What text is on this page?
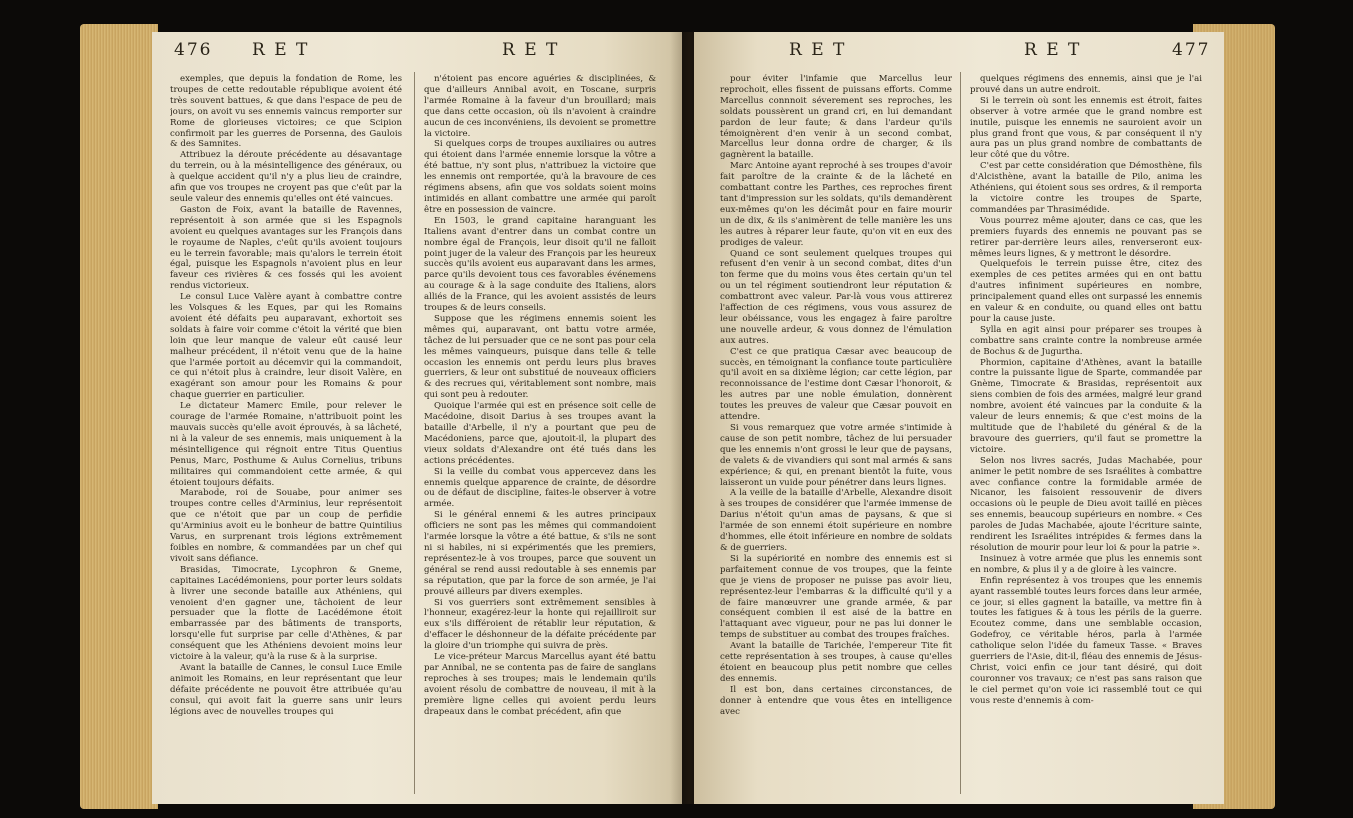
476 R E T	R E T

exemples, que depuis la fondation de Rome, les troupes de cette redoutable république avoient été très souvent battues, & que dans l'espace de peu de jours, on avoit vu ses ennemis vaincus remporter sur Rome de glorieuses victoires; ce que Scipion confirmoit par les guerres de Porsenna, des Gaulois & des Samnites.

Attribuez la déroute précédente au désavantage du terrein, ou à la mésintelligence des généraux, ou à quelque accident qu'il n'y a plus lieu de craindre, afin que vos troupes ne croyent pas que c'eût par la seule valeur des ennemis qu'elles ont été vaincues.

Gaston de Foix, avant la bataille de Ravennes, représentoit à son armée que si les Espagnols avoient eu quelques avantages sur les François dans le royaume de Naples, c'eût qu'ils avoient toujours eu le terrein favorable; mais qu'alors le terrein étoit égal, puisque les Espagnols n'avoient plus en leur faveur ces rivières & ces fossés qui les avoient rendus victorieux.

Le consul Luce Valère ayant à combattre contre les Volsques & les Eques, par qui les Romains avoient été défaits peu auparavant, exhortoit ses soldats à faire voir comme c'étoit la vérité que bien loin que leur manque de valeur eût causé leur malheur précédent, il n'étoit venu que de la haine que l'armée portoit au décemvir qui la commandoit, ce qui n'étoit plus à craindre, leur disoit Valère, en exagérant son amour pour les Romains & pour chaque guerrier en particulier.

Le dictateur Mamerc Emile, pour relever le courage de l'armée Romaine, n'attribuoit point les mauvais succès qu'elle avoit éprouvés, à sa lâcheté, ni à la valeur de ses ennemis, mais uniquement à la mésintelligence qui régnoit entre Titus Quentius Penus, Marc, Posthume & Aulus Cornelius, tribuns militaires qui commandoient cette armée, & qui étoient toujours défaits.

Marabode, roi de Souabe, pour animer ses troupes contre celles d'Arminius, leur représentoit que ce n'étoit que par un coup de perfidie qu'Arminius avoit eu le bonheur de battre Quintilius Varus, en surprenant trois légions extrêmement foibles en nombre, & commandées par un chef qui vivoit sans défiance.

Brasidas, Timocrate, Lycophron & Gneme, capitaines Lacédémoniens, pour porter leurs soldats à livrer une seconde bataille aux Athéniens, qui venoient d'en gagner une, tâchoient de leur persuader que la flotte de Lacédémone étoit embarrassée par des bâtiments de transports, lorsqu'elle fut surprise par celle d'Athènes, & par conséquent que les Athéniens devoient moins leur victoire à la valeur, qu'à la ruse & à la surprise.

Avant la bataille de Cannes, le consul Luce Emile animoit les Romains, en leur représentant que leur défaite précédente ne pouvoit être attribuée qu'au consul, qui avoit fait la guerre sans unir leurs légions avec de nouvelles troupes qui

n'étoient pas encore aguéries & disciplinées, & que d'ailleurs Annibal avoit, en Toscane, surpris l'armée Romaine à la faveur d'un brouillard; mais que dans cette occasion, où ils n'avoient à craindre aucun de ces inconvéniens, ils devoient se promettre la victoire.

Si quelques corps de troupes auxiliaires ou autres qui étoient dans l'armée ennemie lorsque la vôtre a été battue, n'y sont plus, n'attribuez la victoire que les ennemis ont remportée, qu'à la bravoure de ces régimens absens, afin que vos soldats soient moins intimidés en allant combattre une armée qui paroît être en possession de vaincre.

En 1503, le grand capitaine haranguant les Italiens avant d'entrer dans un combat contre un nombre égal de François, leur disoit qu'il ne falloit point juger de la valeur des François par les heureux succès qu'ils avoient eus auparavant dans les armes, parce qu'ils devoient tous ces favorables événemens au courage & à la sage conduite des Italiens, alors alliés de la France, qui les avoient assistés de leurs troupes & de leurs conseils.

Suppose que les régimens ennemis soient les mêmes qui, auparavant, ont battu votre armée, tâchez de lui persuader que ce ne sont pas pour cela les mêmes vainqueurs, puisque dans telle & telle occasion les ennemis ont perdu leurs plus braves guerriers, & leur ont substitué de nouveaux officiers & des recrues qui, véritablement sont nombre, mais qui sont peu à redouter.

Quoique l'armée qui est en présence soit celle de Macédoine, disoit Darius à ses troupes avant la bataille d'Arbelle, il n'y a pourtant que peu de Macédoniens, parce que, ajoutoit-il, la plupart des vieux soldats d'Alexandre ont été tués dans les actions précédentes.

Si la veille du combat vous appercevez dans les ennemis quelque apparence de crainte, de désordre ou de défaut de discipline, faites-le observer à votre armée.

Si le général ennemi & les autres principaux officiers ne sont pas les mêmes qui commandoient l'armée lorsque la vôtre a été battue, & s'ils ne sont ni si habiles, ni si expérimentés que les premiers, représentez-le à vos troupes, parce que souvent un général se rend aussi redoutable à ses ennemis par sa réputation, que par la force de son armée, je l'ai prouvé ailleurs par divers exemples.

Si vos guerriers sont extrêmement sensibles à l'honneur, exagérez-leur la honte qui rejailliroit sur eux s'ils différoient de rétablir leur réputation, & d'effacer le déshonneur de la défaite précédente par la gloire d'un triomphe qui suivra de près.

Le vice-préteur Marcus Marcellus ayant été battu par Annibal, ne se contenta pas de faire de sanglans reproches à ses troupes; mais le lendemain qu'ils avoient résolu de combattre de nouveau, il mit à la première ligne celles qui avoient perdu leurs drapeaux dans le combat précédent, afin que

R E T	R E T	477

pour éviter l'infamie que Marcellus leur reprochoit, elles fissent de puissans efforts. Comme Marcellus connnoit séverement ses reproches, les soldats poussèrent un grand cri, en lui demandant pardon de leur faute; & dans l'ardeur qu'ils témoignèrent d'en venir à un second combat, Marcellus leur donna ordre de charger, & ils gagnèrent la bataille.

Marc Antoine ayant reproché à ses troupes d'avoir fait paroître de la crainte & de la lâcheté en combattant contre les Parthes, ces reproches firent tant d'impression sur les soldats, qu'ils demandèrent eux-mêmes qu'on les décimât pour en faire mourir un de dix, & ils s'animèrent de telle manière les uns les autres à réparer leur faute, qu'on vit en eux des prodiges de valeur.

Quand ce sont seulement quelques troupes qui refusent d'en venir à un second combat, dites d'un ton ferme que du moins vous êtes certain qu'un tel ou un tel régiment soutiendront leur réputation & combattront avec valeur. Par-là vous vous attirerez l'affection de ces régimens, vous vous assurez de leur obéissance, vous les engagez à faire paroître une nouvelle ardeur, & vous donnez de l'émulation aux autres.

C'est ce que pratiqua Cæsar avec beaucoup de succès, en témoignant la confiance toute particulière qu'il avoit en sa dixième légion; car cette légion, par reconnoissance de l'estime dont Cæsar l'honoroit, & les autres par une noble émulation, donnèrent toutes les preuves de valeur que Cæsar pouvoit en attendre.

Si vous remarquez que votre armée s'intimide à cause de son petit nombre, tâchez de lui persuader que les ennemis n'ont grossi le leur que de paysans, de valets & de vivandiers qui sont mal armés & sans expérience; & qui, en prenant bientôt la fuite, vous laisseront un vuide pour pénétrer dans leurs lignes.

A la veille de la bataille d'Arbelle, Alexandre disoit à ses troupes de considérer que l'armée immense de Darius n'étoit qu'un amas de paysans, & que si l'armée de son ennemi étoit supérieure en nombre d'hommes, elle étoit inférieure en nombre de soldats & de guerriers.

Si la supériorité en nombre des ennemis est si parfaitement connue de vos troupes, que la feinte que je viens de proposer ne puisse pas avoir lieu, représentez-leur l'embarras & la difficulté qu'il y a de faire manœuvrer une grande armée, & par conséquent combien il est aisé de la battre en l'attaquant avec vigueur, pour ne pas lui donner le temps de substituer au combat des troupes fraîches.

Avant la bataille de Tarichée, l'empereur Tite fit cette représentation à ses troupes, à cause qu'elles étoient en beaucoup plus petit nombre que celles des ennemis.

Il est bon, dans certaines circonstances, de donner à entendre que vous êtes en intelligence avec

quelques régimens des ennemis, ainsi que je l'ai prouvé dans un autre endroit.

Si le terrein où sont les ennemis est étroit, faites observer à votre armée que le grand nombre est inutile, puisque les ennemis ne sauroient avoir un plus grand front que vous, & par conséquent il n'y aura pas un plus grand nombre de combattants de leur côté que du vôtre.

C'est par cette considération que Démosthène, fils d'Alcisthène, avant la bataille de Pilo, anima les Athéniens, qui étoient sous ses ordres, & il remporta la victoire contre les troupes de Sparte, commandées par Thrasimédide.

Vous pourrez même ajouter, dans ce cas, que les premiers fuyards des ennemis ne pouvant pas se retirer par-derrière leurs ailes, renverseront eux-mêmes leurs lignes, & y mettront le désordre.

Quelquefois le terrein puisse être, citez des exemples de ces petites armées qui en ont battu d'autres infiniment supérieures en nombre, principalement quand elles ont surpassé les ennemis en valeur & en conduite, ou quand elles ont battu pour la cause juste.

Sylla en agit ainsi pour préparer ses troupes à combattre sans crainte contre la nombreuse armée de Bochus & de Jugurtha.

Phormion, capitaine d'Athènes, avant la bataille contre la puissante ligue de Sparte, commandée par Gnème, Timocrate & Brasidas, représentoit aux siens combien de fois des armées, malgré leur grand nombre, avoient été vaincues par la conduite & la valeur de leurs ennemis; & que c'est moins de la multitude que de l'habileté du général & de la bravoure des guerriers, qu'il faut se promettre la victoire.

Selon nos livres sacrés, Judas Machabée, pour animer le petit nombre de ses Israélites à combattre avec confiance contre la formidable armée de Nicanor, les faisoient ressouvenir de divers occasions où le peuple de Dieu avoit taillé en pièces ses ennemis, beaucoup supérieurs en nombre. « Ces paroles de Judas Machabée, ajoute l'écriture sainte, rendirent les Israélites intrépides & fermes dans la résolution de mourir pour leur loi & pour la patrie ».

Insinuez à votre armée que plus les ennemis sont en nombre, & plus il y a de gloire à les vaincre.

Enfin représentez à vos troupes que les ennemis ayant rassemblé toutes leurs forces dans leur armée, ce jour, si elles gagnent la bataille, va mettre fin à toutes les fatigues & à tous les périls de la guerre. Ecoutez comme, dans une semblable occasion, Godefroy, ce véritable héros, parla à l'armée catholique selon l'idée du fameux Tasse. « Braves guerriers de l'Asie, dit-il, fléau des ennemis de Jésus-Christ, voici enfin ce jour tant désiré, qui doit couronner vos travaux; ce n'est pas sans raison que le ciel permet qu'on voie ici rassemblé tout ce qui vous reste d'ennemis à com-
